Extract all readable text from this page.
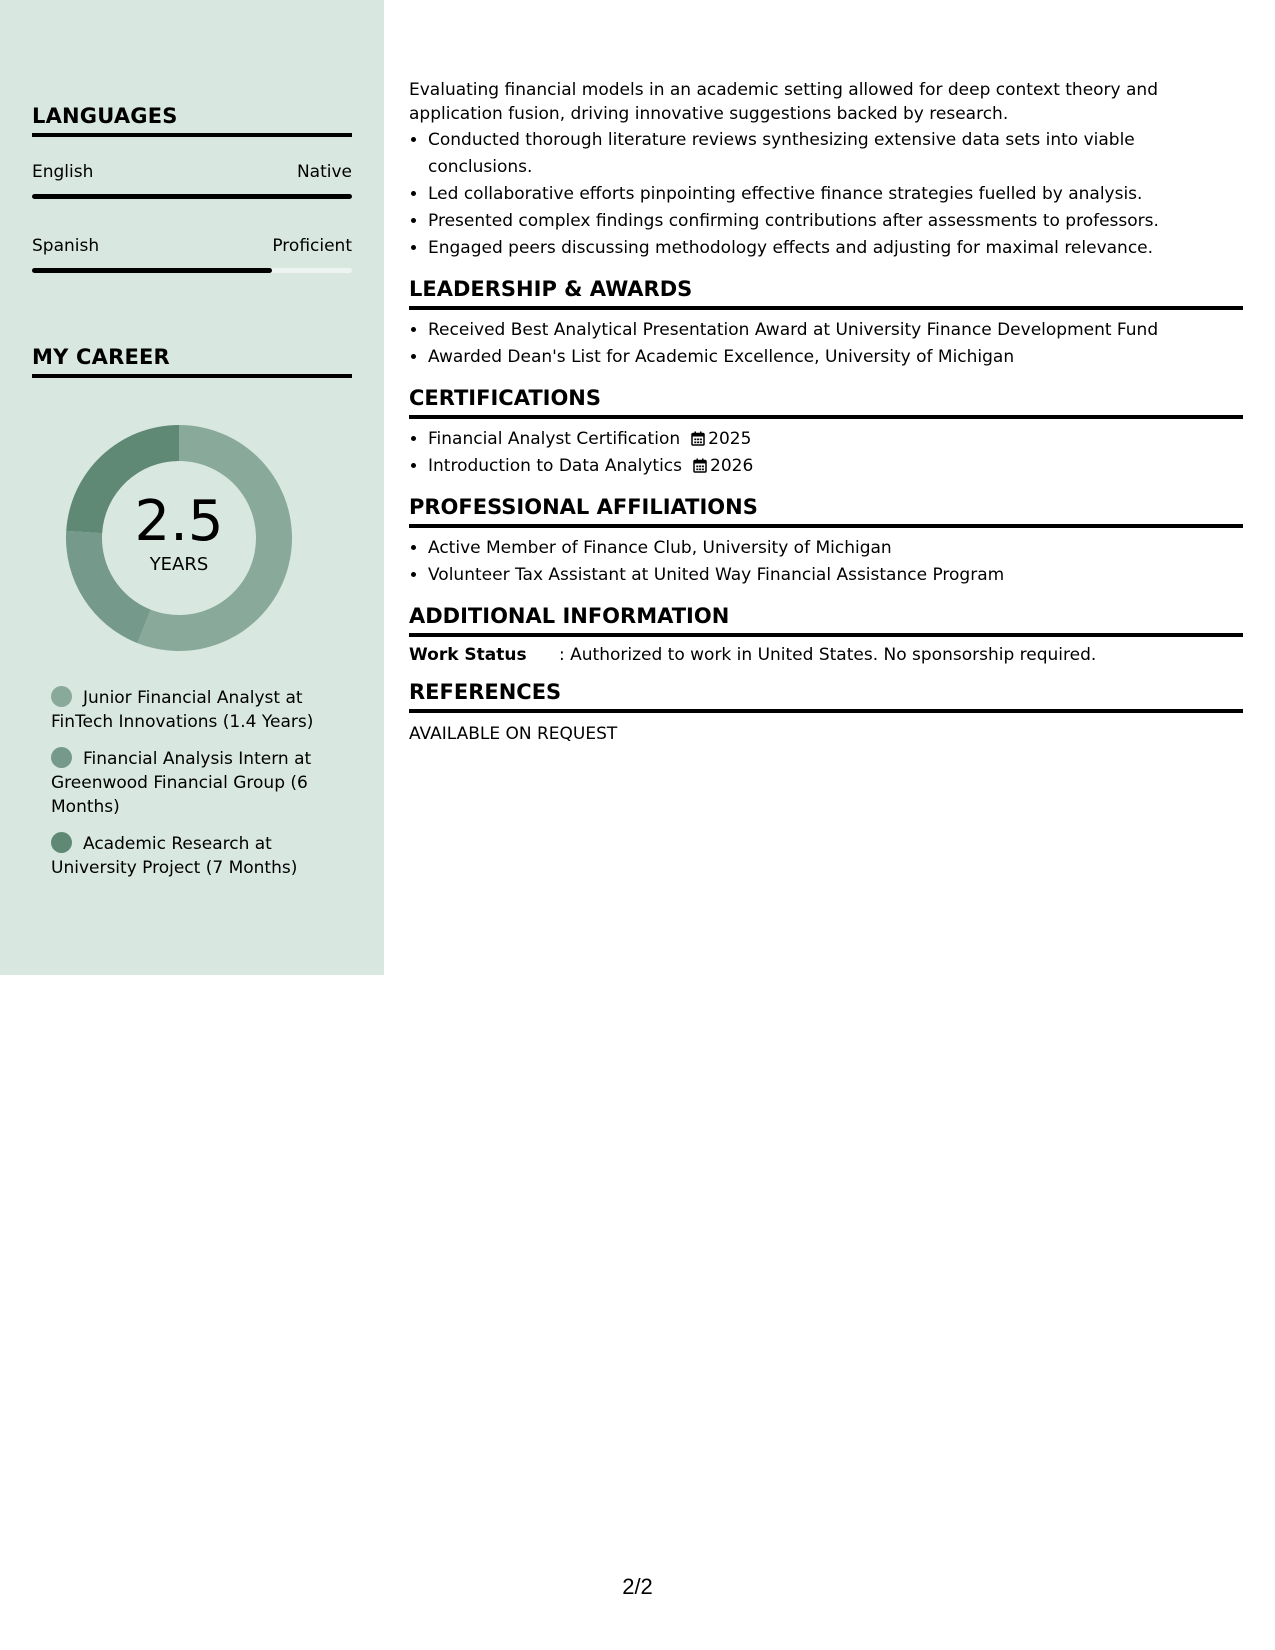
LANGUAGES
English	Native
Spanish	Proficient
MY CAREER
2.5
YEARS
Junior Financial Analyst at FinTech Innovations (1.4 Years)
Financial Analysis Intern at Greenwood Financial Group (6 Months)
Academic Research at University Project (7 Months)

Evaluating financial models in an academic setting allowed for deep context theory and application fusion, driving innovative suggestions backed by research.

• Conducted thorough literature reviews synthesizing extensive data sets into viable conclusions.
• Led collaborative efforts pinpointing effective finance strategies fuelled by analysis.
• Presented complex findings confirming contributions after assessments to professors.
• Engaged peers discussing methodology effects and adjusting for maximal relevance.
LEADERSHIP & AWARDS
• Received Best Analytical Presentation Award at University Finance Development Fund
• Awarded Dean's List for Academic Excellence, University of Michigan
CERTIFICATIONS
• Financial Analyst Certification 2025
• Introduction to Data Analytics 2026
PROFESSIONAL AFFILIATIONS
• Active Member of Finance Club, University of Michigan
• Volunteer Tax Assistant at United Way Financial Assistance Program
ADDITIONAL INFORMATION
Work Status	: Authorized to work in United States. No sponsorship required.
REFERENCES
AVAILABLE ON REQUEST
2/2
